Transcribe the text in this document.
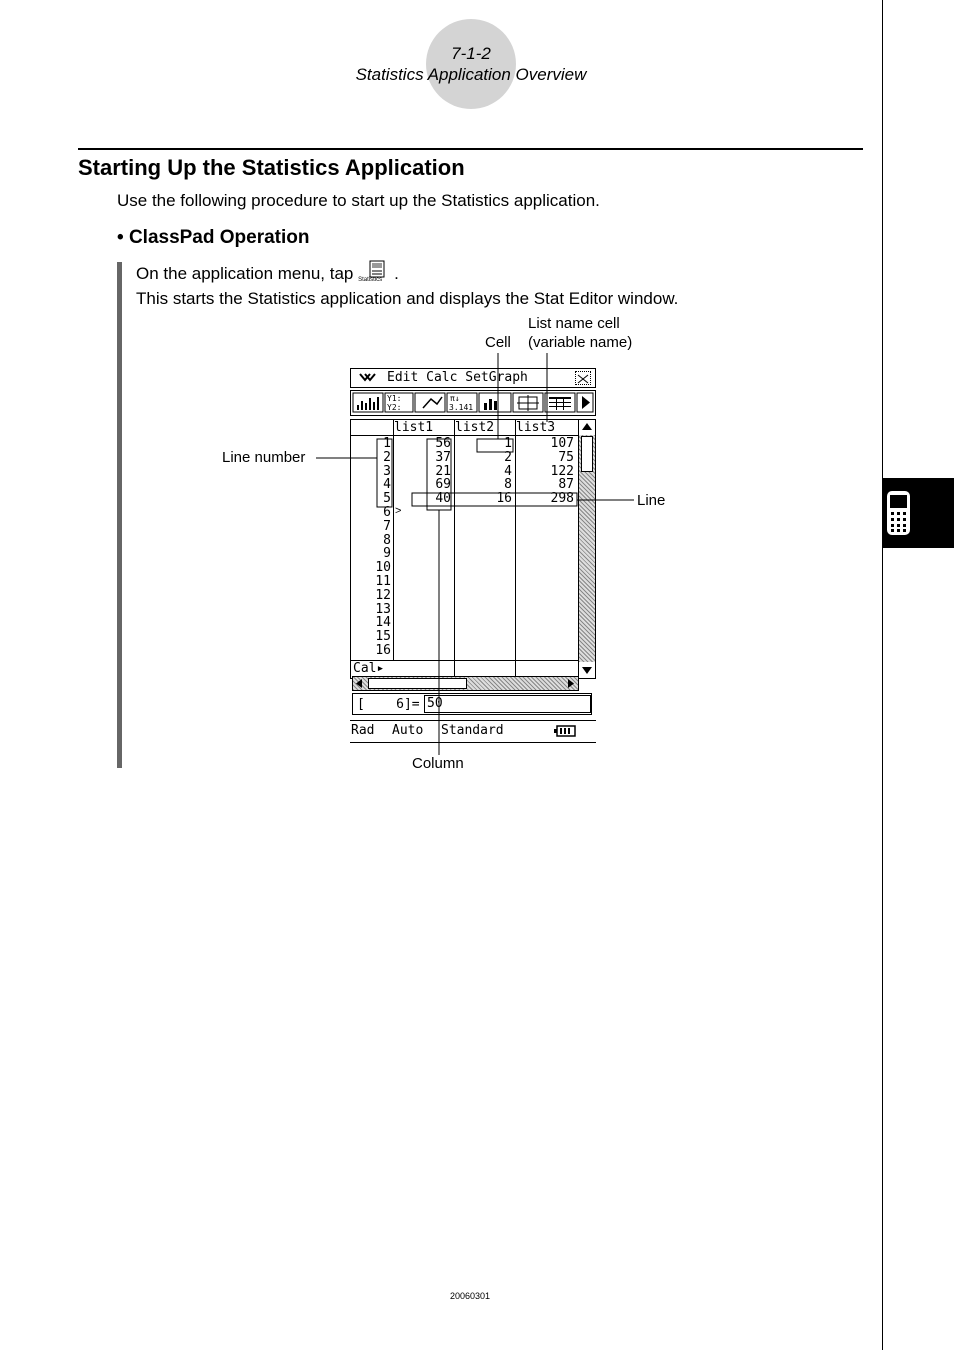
7-1-2
Statistics Application Overview
Starting Up the Statistics Application
Use the following procedure to start up the Statistics application.
• ClassPad Operation
On the application menu, tap Statistics .
This starts the Statistics application and displays the Stat Editor window.
Cell
List name cell
(variable name)
Line number
Line
Column
Edit Calc SetGraph
Y1:
Y2:
π↓
3.141
list1 list2 list3
1
2
3
4
5
6
7
8
9
10
11
12
13
14
15
16
>
56
37
21
69
40
1
2
4
8
16
107
75
122
87
298
Cal▸
[    6]= 50
Rad Auto Standard
20060301
